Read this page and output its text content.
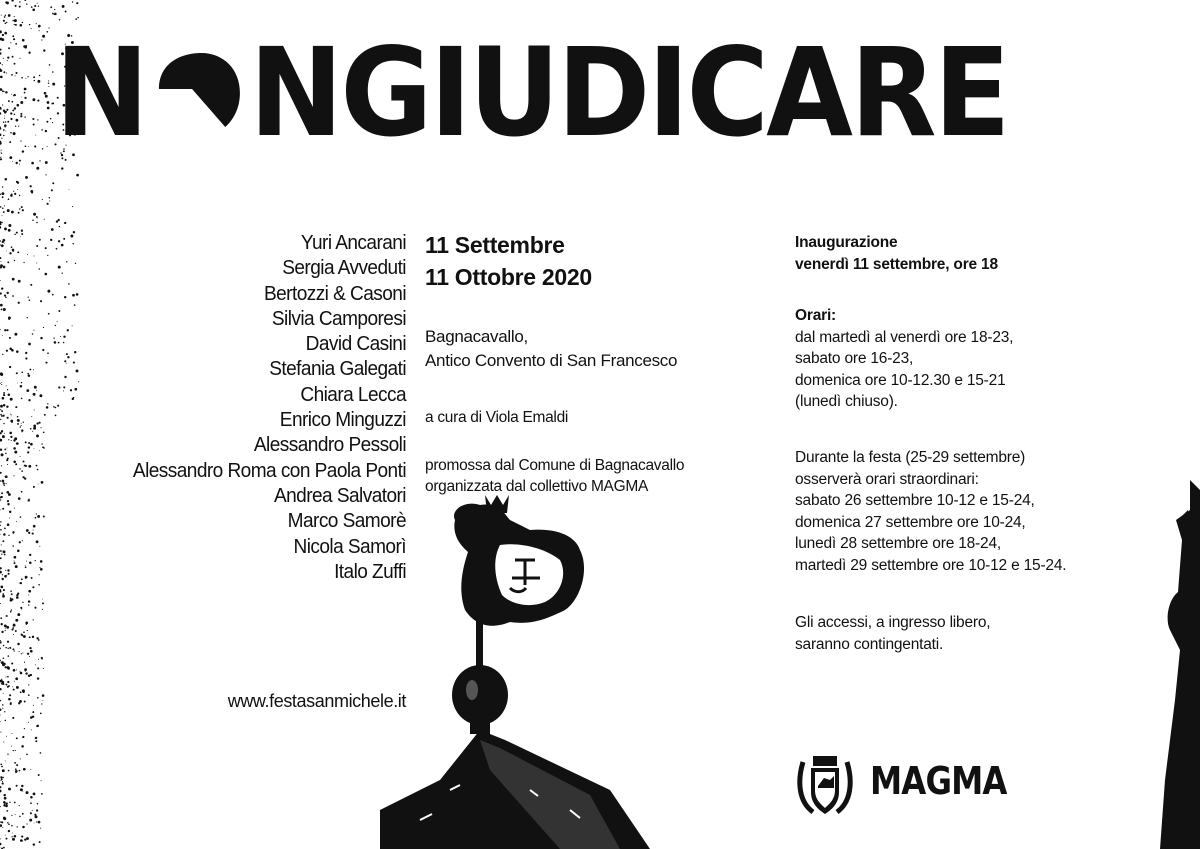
N NGIUDICARE
Yuri Ancarani
Sergia Avveduti
Bertozzi & Casoni
Silvia Camporesi
David Casini
Stefania Galegati
Chiara Lecca
Enrico Minguzzi
Alessandro Pessoli
Alessandro Roma con Paola Ponti
Andrea Salvatori
Marco Samorè
Nicola Samorì
Italo Zuffi
www.festasanmichele.it
11 Settembre
11 Ottobre 2020
Bagnacavallo,
Antico Convento di San Francesco
a cura di Viola Emaldi
promossa dal Comune di Bagnacavallo
organizzata dal collettivo MAGMA
Inaugurazione
venerdì 11 settembre, ore 18
Orari:
dal martedì al venerdì ore 18-23,
sabato ore 16-23,
domenica ore 10-12.30 e 15-21
(lunedì chiuso).
Durante la festa (25-29 settembre)
osserverà orari straordinari:
sabato 26 settembre 10-12 e 15-24,
domenica 27 settembre ore 10-24,
lunedì 28 settembre ore 18-24,
martedì 29 settembre ore 10-12 e 15-24.
Gli accessi, a ingresso libero,
saranno contingentati.
MAGMA
